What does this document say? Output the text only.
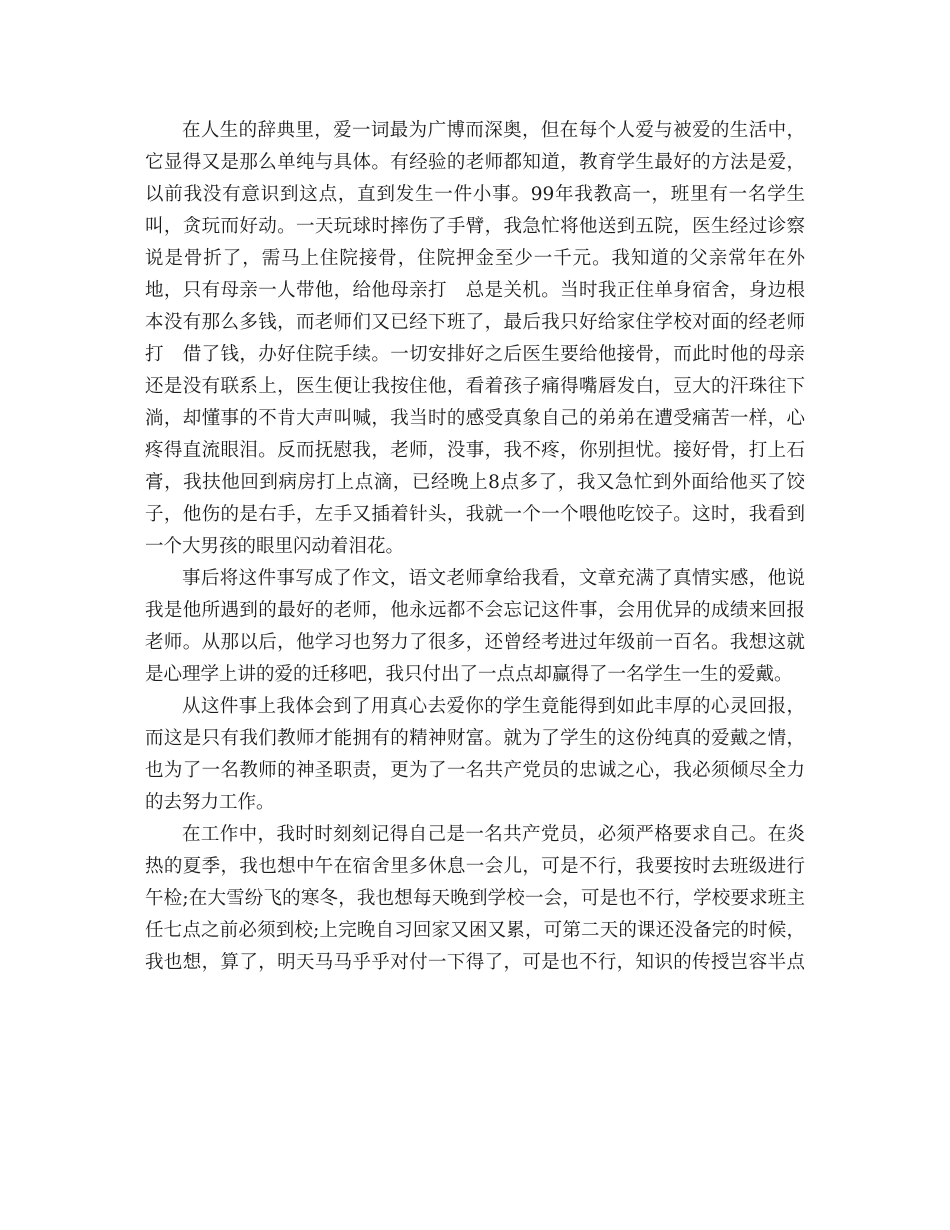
在人生的辞典里，爱一词最为广博而深奥，但在每个人爱与被爱的生活中，
它显得又是那么单纯与具体。有经验的老师都知道，教育学生最好的方法是爱，
以前我没有意识到这点，直到发生一件小事。99年我教高一，班里有一名学生
叫，贪玩而好动。一天玩球时摔伤了手臂，我急忙将他送到五院，医生经过诊察
说是骨折了，需马上住院接骨，住院押金至少一千元。我知道的父亲常年在外
地，只有母亲一人带他，给他母亲打　总是关机。当时我正住单身宿舍，身边根
本没有那么多钱，而老师们又已经下班了，最后我只好给家住学校对面的经老师
打　借了钱，办好住院手续。一切安排好之后医生要给他接骨，而此时他的母亲
还是没有联系上，医生便让我按住他，看着孩子痛得嘴唇发白，豆大的汗珠往下
淌，却懂事的不肯大声叫喊，我当时的感受真象自己的弟弟在遭受痛苦一样，心
疼得直流眼泪。反而抚慰我，老师，没事，我不疼，你别担忧。接好骨，打上石
膏，我扶他回到病房打上点滴，已经晚上8点多了，我又急忙到外面给他买了饺
子，他伤的是右手，左手又插着针头，我就一个一个喂他吃饺子。这时，我看到
一个大男孩的眼里闪动着泪花。
事后将这件事写成了作文，语文老师拿给我看，文章充满了真情实感，他说
我是他所遇到的最好的老师，他永远都不会忘记这件事，会用优异的成绩来回报
老师。从那以后，他学习也努力了很多，还曾经考进过年级前一百名。我想这就
是心理学上讲的爱的迁移吧，我只付出了一点点却赢得了一名学生一生的爱戴。
从这件事上我体会到了用真心去爱你的学生竟能得到如此丰厚的心灵回报，
而这是只有我们教师才能拥有的精神财富。就为了学生的这份纯真的爱戴之情，
也为了一名教师的神圣职责，更为了一名共产党员的忠诚之心，我必须倾尽全力
的去努力工作。
在工作中，我时时刻刻记得自己是一名共产党员，必须严格要求自己。在炎
热的夏季，我也想中午在宿舍里多休息一会儿，可是不行，我要按时去班级进行
午检;在大雪纷飞的寒冬，我也想每天晚到学校一会，可是也不行，学校要求班主
任七点之前必须到校;上完晚自习回家又困又累，可第二天的课还没备完的时候，
我也想，算了，明天马马乎乎对付一下得了，可是也不行，知识的传授岂容半点
